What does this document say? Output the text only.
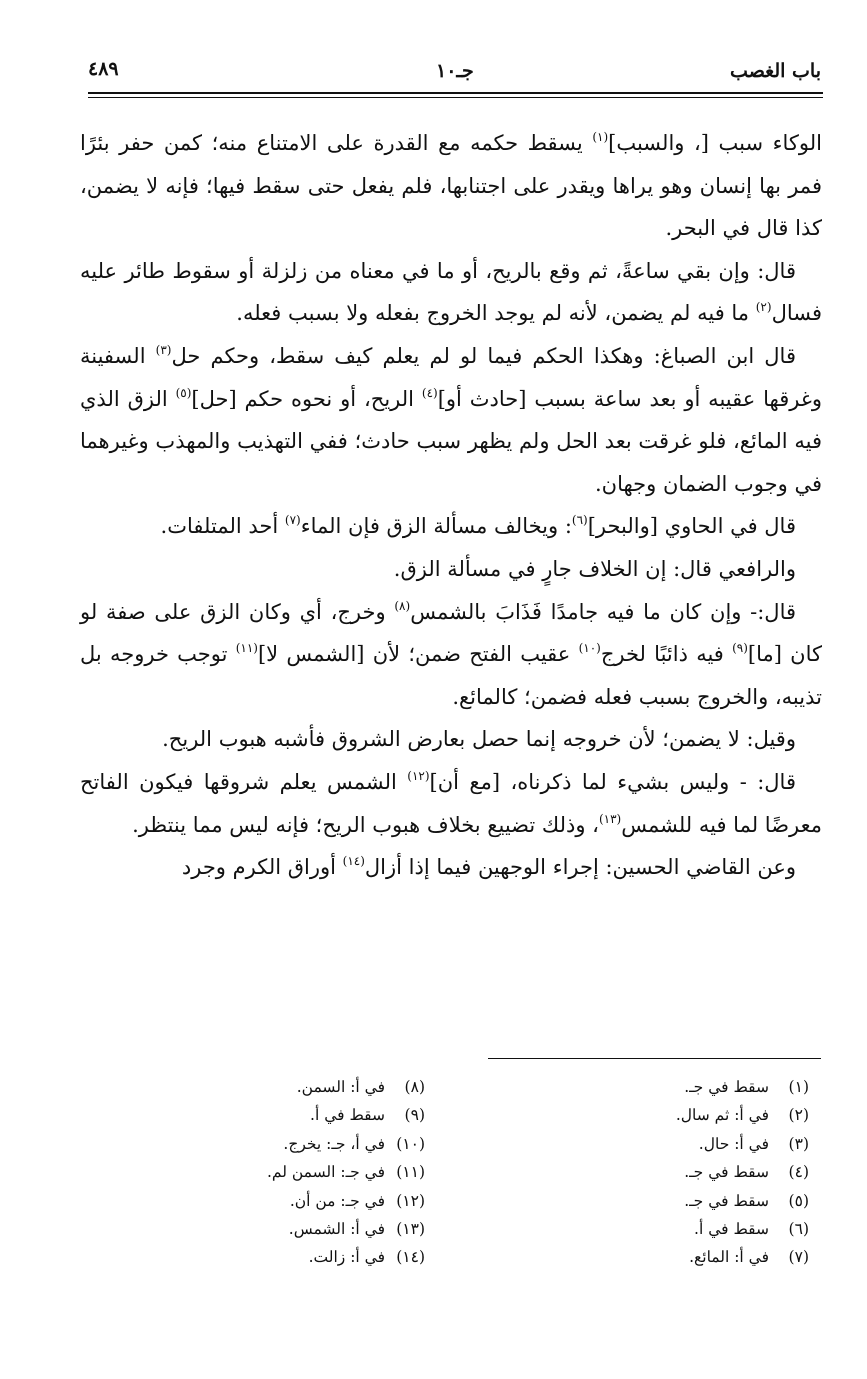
باب الغصب
جـ١٠
٤٨٩

الوكاء سبب [، والسبب]$^{(١)}$ يسقط حكمه مع القدرة على الامتناع منه؛ كمن حفر بئرًا فمر بها إنسان وهو يراها ويقدر على اجتنابها، فلم يفعل حتى سقط فيها؛ فإنه لا يضمن، كذا قال في البحر.

قال: وإن بقي ساعةً، ثم وقع بالريح، أو ما في معناه من زلزلة أو سقوط طائر عليه فسال$^{(٢)}$ ما فيه لم يضمن، لأنه لم يوجد الخروج بفعله ولا بسبب فعله.

قال ابن الصباغ: وهكذا الحكم فيما لو لم يعلم كيف سقط، وحكم حل$^{(٣)}$ السفينة وغرقها عقيبه أو بعد ساعة بسبب [حادث أو]$^{(٤)}$ الريح، أو نحوه حكم [حل]$^{(٥)}$ الزق الذي فيه المائع، فلو غرقت بعد الحل ولم يظهر سبب حادث؛ ففي التهذيب والمهذب وغيرهما في وجوب الضمان وجهان.

قال في الحاوي [والبحر]$^{(٦)}$: ويخالف مسألة الزق فإن الماء$^{(٧)}$ أحد المتلفات.

والرافعي قال: إن الخلاف جارٍ في مسألة الزق.

قال:- وإن كان ما فيه جامدًا فَذَابَ بالشمس$^{(٨)}$ وخرج، أي وكان الزق على صفة لو كان [ما]$^{(٩)}$ فيه ذائبًا لخرج$^{(١٠)}$ عقيب الفتح ضمن؛ لأن [الشمس لا]$^{(١١)}$ توجب خروجه بل تذيبه، والخروج بسبب فعله فضمن؛ كالمائع.

وقيل: لا يضمن؛ لأن خروجه إنما حصل بعارض الشروق فأشبه هبوب الريح.

قال: - وليس بشيء لما ذكرناه، [مع أن]$^{(١٢)}$ الشمس يعلم شروقها فيكون الفاتح معرضًا لما فيه للشمس$^{(١٣)}$، وذلك تضييع بخلاف هبوب الريح؛ فإنه ليس مما ينتظر.

وعن القاضي الحسين: إجراء الوجهين فيما إذا أزال$^{(١٤)}$ أوراق الكرم وجرد

(١)سقط في جـ.
(٢)في أ: ثم سال.
(٣)في أ: حال.
(٤)سقط في جـ.
(٥)سقط في جـ.
(٦)سقط في أ.
(٧)في أ: المائع.
(٨)في أ: السمن.
(٩)سقط في أ.
(١٠)في أ، جـ: يخرج.
(١١)في جـ: السمن لم.
(١٢)في جـ: من أن.
(١٣)في أ: الشمس.
(١٤)في أ: زالت.
